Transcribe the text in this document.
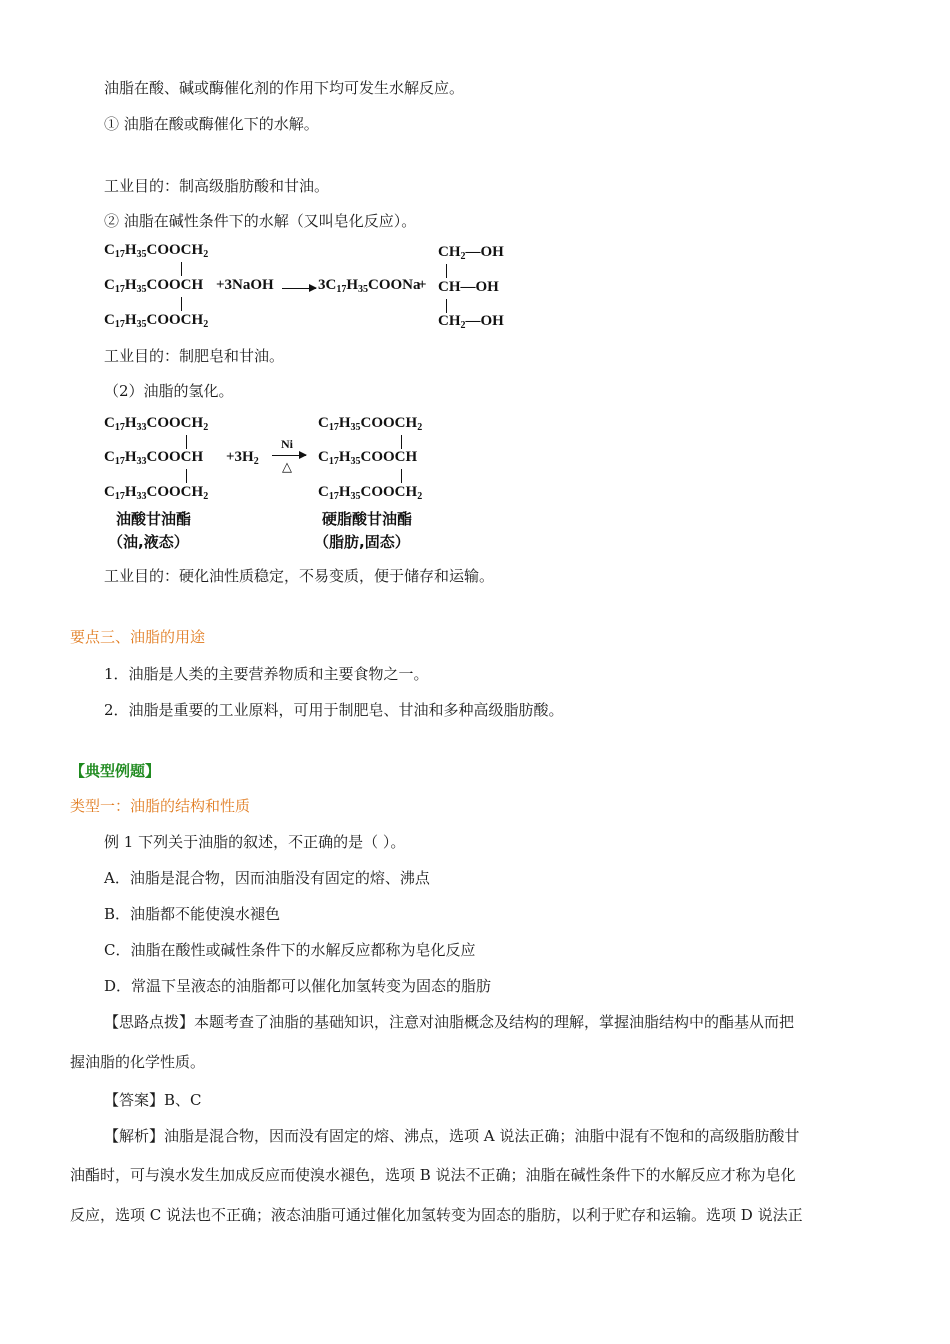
油脂在酸、碱或酶催化剂的作用下均可发生水解反应。
① 油脂在酸或酶催化下的水解。
工业目的：制高级脂肪酸和甘油。
② 油脂在碱性条件下的水解（又叫皂化反应）。
$C_{17}H_{35}COOCH_2$
$C_{17}H_{35}COOCH$
$C_{17}H_{35}COOCH_2$
+3NaOH → $3C_{17}H_{35}COONa$
+
$CH_2—OH$
CH—OH
$CH_2—OH$
工业目的：制肥皂和甘油。
（2）油脂的氢化。
$C_{17}H_{33}COOCH_2$
$C_{17}H_{33}COOCH$
$C_{17}H_{33}COOCH_2$
$+3H_2$
Ni
△
$C_{17}H_{35}COOCH_2$
$C_{17}H_{35}COOCH$
$C_{17}H_{35}COOCH_2$
油酸甘油酯
（油,液态）
硬脂酸甘油酯
（脂肪,固态）
工业目的：硬化油性质稳定，不易变质，便于储存和运输。
要点三、油脂的用途
1．油脂是人类的主要营养物质和主要食物之一。
2．油脂是重要的工业原料，可用于制肥皂、甘油和多种高级脂肪酸。
【典型例题】
类型一：油脂的结构和性质
例 1 下列关于油脂的叙述，不正确的是（ ）。
A．油脂是混合物，因而油脂没有固定的熔、沸点
B．油脂都不能使溴水褪色
C．油脂在酸性或碱性条件下的水解反应都称为皂化反应
D．常温下呈液态的油脂都可以催化加氢转变为固态的脂肪
【思路点拨】本题考查了油脂的基础知识，注意对油脂概念及结构的理解，掌握油脂结构中的酯基从而把
握油脂的化学性质。
【答案】B、C
【解析】油脂是混合物，因而没有固定的熔、沸点，选项 A 说法正确；油脂中混有不饱和的高级脂肪酸甘
油酯时，可与溴水发生加成反应而使溴水褪色，选项 B 说法不正确；油脂在碱性条件下的水解反应才称为皂化
反应，选项 C 说法也不正确；液态油脂可通过催化加氢转变为固态的脂肪，以利于贮存和运输。选项 D 说法正
